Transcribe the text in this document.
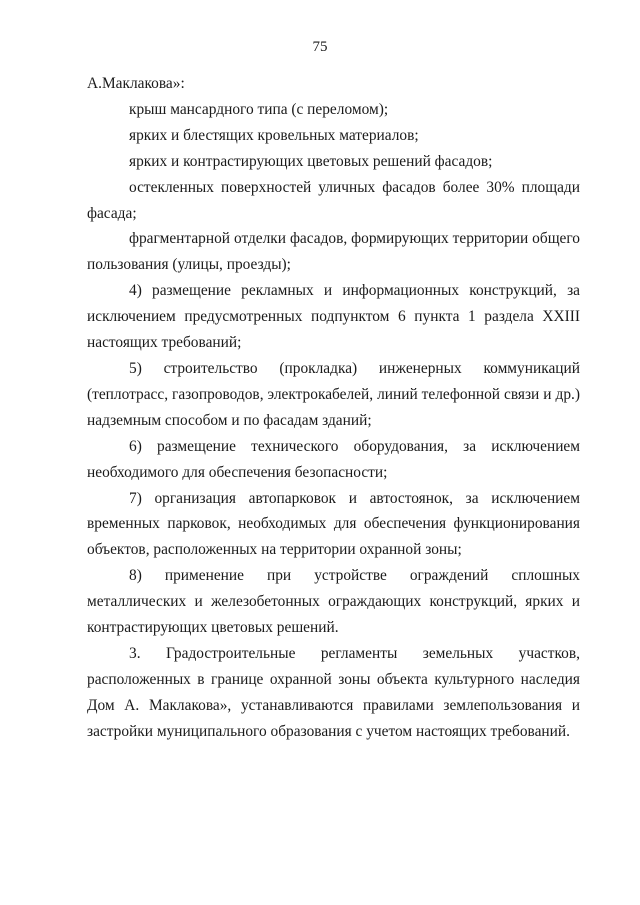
75

А.Маклакова»:

крыш мансардного типа (с переломом);

ярких и блестящих кровельных материалов;

ярких и контрастирующих цветовых решений фасадов;

остекленных поверхностей уличных фасадов более 30% площади фасада;

фрагментарной отделки фасадов, формирующих территории общего пользования (улицы, проезды);

4) размещение рекламных и информационных конструкций, за исключением предусмотренных подпунктом 6 пункта 1 раздела XXIII настоящих требований;

5) строительство (прокладка) инженерных коммуникаций (теплотрасс, газопроводов, электрокабелей, линий телефонной связи и др.) надземным способом и по фасадам зданий;

6) размещение технического оборудования, за исключением необходимого для обеспечения безопасности;

7) организация автопарковок и автостоянок, за исключением временных парковок, необходимых для обеспечения функционирования объектов, расположенных на территории охранной зоны;

8) применение при устройстве ограждений сплошных металлических и железобетонных ограждающих конструкций, ярких и контрастирующих цветовых решений.

3. Градостроительные регламенты земельных участков, расположенных в границе охранной зоны объекта культурного наследия Дом А. Маклакова», устанавливаются правилами землепользования и застройки муниципального образования с учетом настоящих требований.
